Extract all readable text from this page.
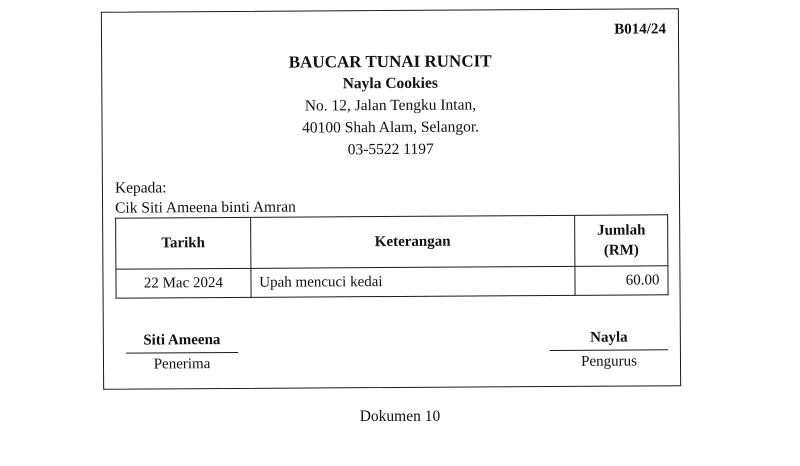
B014/24
BAUCAR TUNAI RUNCIT
Nayla Cookies
No. 12, Jalan Tengku Intan,
40100 Shah Alam, Selangor.
03-5522 1197
Kepada:
Cik Siti Ameena binti Amran
Tarikh	Keterangan	Jumlah
(RM)

22 Mac 2024	Upah mencuci kedai	60.00
Siti Ameena
Penerima
Nayla
Pengurus
Dokumen 10
